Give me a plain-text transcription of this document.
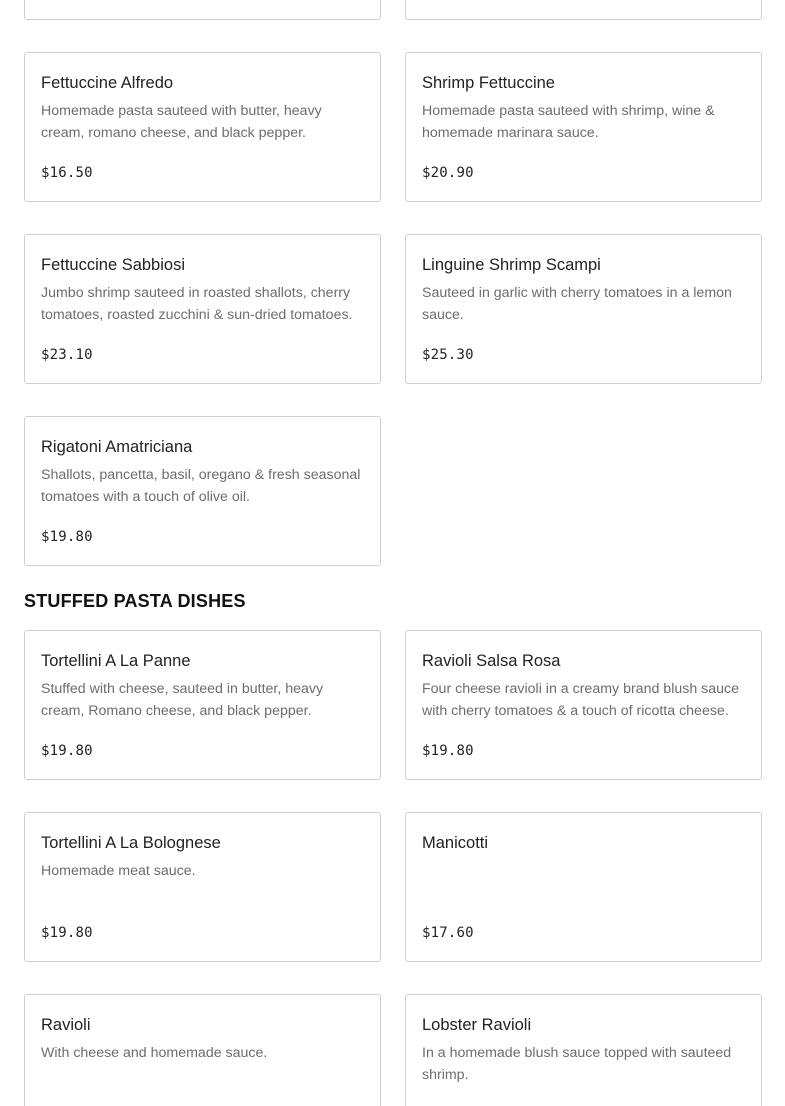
Fettuccine Alfredo
Homemade pasta sauteed with butter, heavy cream, romano cheese, and black pepper.
$16.50
Shrimp Fettuccine
Homemade pasta sauteed with shrimp, wine & homemade marinara sauce.
$20.90
Fettuccine Sabbiosi
Jumbo shrimp sauteed in roasted shallots, cherry tomatoes, roasted zucchini & sun-dried tomatoes.
$23.10
Linguine Shrimp Scampi
Sauteed in garlic with cherry tomatoes in a lemon sauce.
$25.30
Rigatoni Amatriciana
Shallots, pancetta, basil, oregano & fresh seasonal tomatoes with a touch of olive oil.
$19.80
STUFFED PASTA DISHES
Tortellini A La Panne
Stuffed with cheese, sauteed in butter, heavy cream, Romano cheese, and black pepper.
$19.80
Ravioli Salsa Rosa
Four cheese ravioli in a creamy brand blush sauce with cherry tomatoes & a touch of ricotta cheese.
$19.80
Tortellini A La Bolognese
Homemade meat sauce.
$19.80
Manicotti
$17.60
Ravioli
With cheese and homemade sauce.
Lobster Ravioli
In a homemade blush sauce topped with sauteed shrimp.
